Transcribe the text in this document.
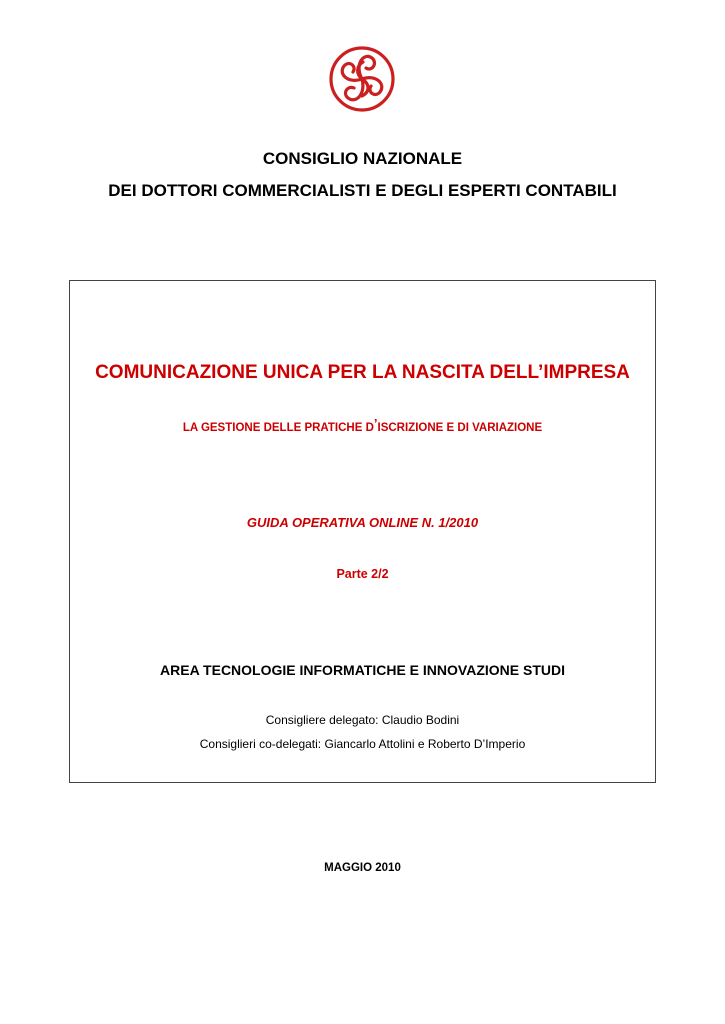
CONSIGLIO NAZIONALE
DEI DOTTORI COMMERCIALISTI E DEGLI ESPERTI CONTABILI
COMUNICAZIONE UNICA PER LA NASCITA DELL’IMPRESA
LA GESTIONE DELLE PRATICHE D’ISCRIZIONE E DI VARIAZIONE
GUIDA OPERATIVA ONLINE N. 1/2010
Parte 2/2
AREA TECNOLOGIE INFORMATICHE E INNOVAZIONE STUDI
Consigliere delegato: Claudio Bodini
Consiglieri co-delegati: Giancarlo Attolini e Roberto D’Imperio
MAGGIO 2010
